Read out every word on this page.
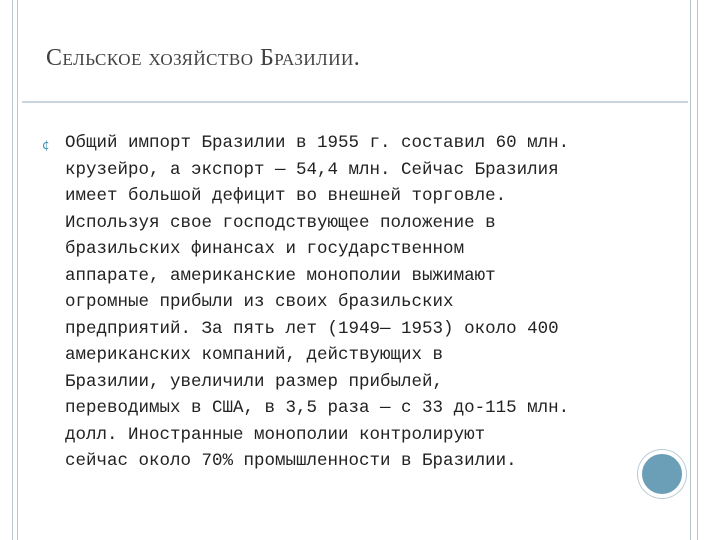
Сельское хозяйство Бразилии.
¢ Общий импорт Бразилии в 1955 г. составил 60 млн.
крузейро, а экспорт — 54,4 млн. Сейчас Бразилия
имеет большой дефицит во внешней торговле.
Используя свое господствующее положение в
бразильских финансах и государственном
аппарате, американские монополии выжимают
огромные прибыли из своих бразильских
предприятий. За пять лет (1949— 1953) около 400
американских компаний, действующих в
Бразилии, увеличили размер прибылей,
переводимых в США, в 3,5 раза — с 33 до-115 млн.
долл. Иностранные монополии контролируют
сейчас около 70% промышленности в Бразилии.
